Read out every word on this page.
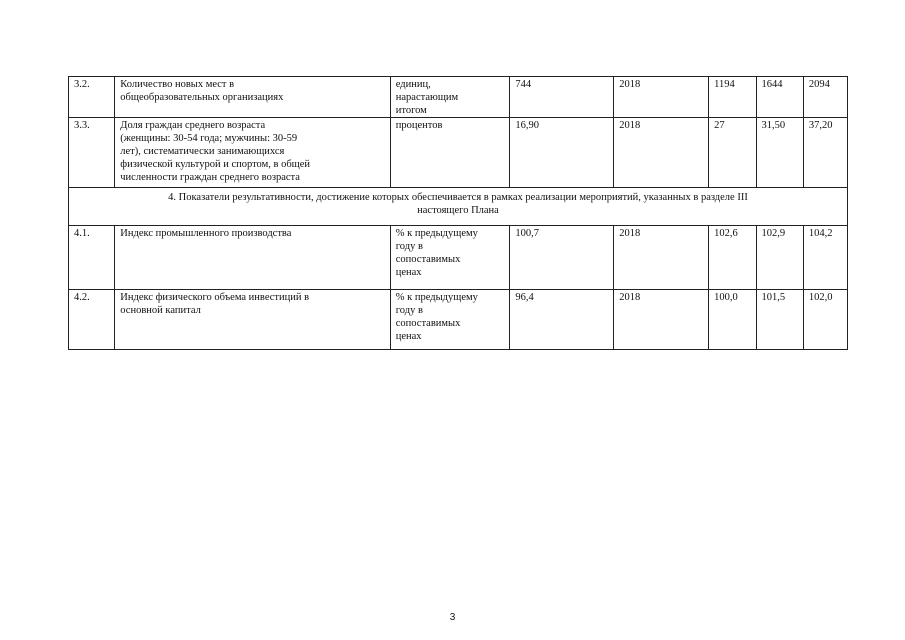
3.2.	Количество новых мест в
общеобразовательных организациях	единиц,
нарастающим
итогом	744	2018	1194	1644	2094
3.3.	Доля граждан среднего возраста
(женщины: 30-54 года; мужчины: 30-59
лет), систематически занимающихся
физической культурой и спортом, в общей
численности граждан среднего возраста	процентов	16,90	2018	27	31,50	37,20
4. Показатели результативности, достижение которых обеспечивается в рамках реализации мероприятий, указанных в разделе III
настоящего Плана							
4.1.	Индекс промышленного производства	% к предыдущему
году в
сопоставимых
ценах	100,7	2018	102,6	102,9	104,2
4.2.	Индекс физического объема инвестиций в
основной капитал	% к предыдущему
году в
сопоставимых
ценах	96,4	2018	100,0	101,5	102,0
3
